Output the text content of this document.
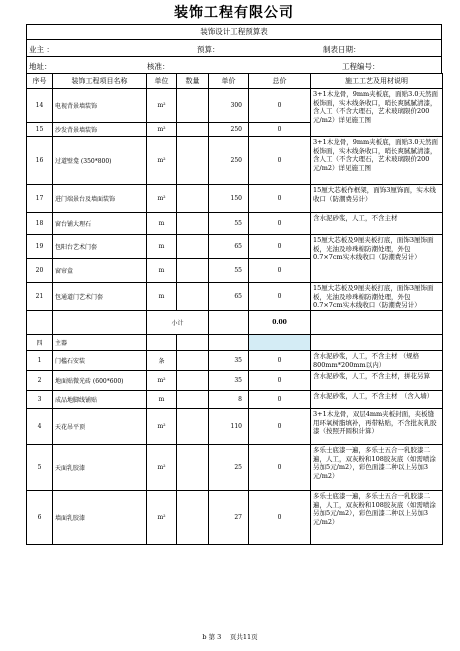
装饰工程有限公司
装饰设计工程预算表
业主 ：	预算：	制表日期：
地址：	核准：	工程编号：
序号	装饰工程项目名称	单位	数量	单价	总价	施工工艺及用材说明
14	电视背景墙装饰	m²		300	0	3+1木龙骨，9mm夹板底，面贴3.0天然面板饰面，实木线条收口，哨长爽腻腻清漆，含人工（不含大理石，艺术玻璃限价200元/m2）详见施工图
15	沙发背景墙装饰	m²		250	0	
16	过道壁龛 (350*800)	m²		250	0	3+1木龙骨，9mm夹板底，面贴3.0天然面板饰面，实木线条收口，哨长爽腻腻清漆，含人工（不含大理石，艺术玻璃限价200元/m2）详见施工图
17	进门端景台及墙面装饰	m²		150	0	15厘大芯板作框架，面饰3厘饰面，实木线收口（防潮费另计）
18	窗台铺大理石	m		55	0	含水泥砂浆，人工，不含主材
19	包阳台艺术门套	m		65	0	15厘大芯板及9厘夹板打底，面饰3厘饰面板，光油及珍珠棉防潮处理，外包0.7×7cm实木线收口（防潮费另计）
20	窗帘盒	m		55	0	
21	包通道门艺术门套	m		65	0	15厘大芯板及9厘夹板打底，面饰3厘饰面板，光油及珍珠棉防潮处理，外包0.7×7cm实木线收口（防潮费另计）
		小计			0.00	
四	主器					
1	门槛石安装	条		35	0	含水泥砂浆，人工，不含主材 （规格800mm*200mm以内）
2	地面贴微光砖 (600*600)	m²		35	0	含水泥砂浆，人工，不含主材，拼花另算
3	成品地脚线铺贴	m		8	0	含水泥砂浆，人工，不含主材　（含入墙）
4	天花吊平顶	m²		110	0	3+1木龙骨，双层4mm夹板封面，夹板缝用环氧树脂填补，再带粘贴，不含批灰乳胶漆（按照开圆积计算）
5	天面乳胶漆	m²		25	0	多乐士底漆一遍，多乐士五合一乳胶漆二遍，人工，双灰粉和108胶灰底（如需喷涂另加5元/m2），彩色面漆二种以上另加3元/m2）
6	墙面乳胶漆	m²		27	0	多乐士底漆一遍，多乐士五合一乳胶漆二遍，人工，双灰粉和108胶灰底（如需喷涂另加5元/m2），彩色面漆二种以上另加3元/m2）
b 第 3 　页共11页
